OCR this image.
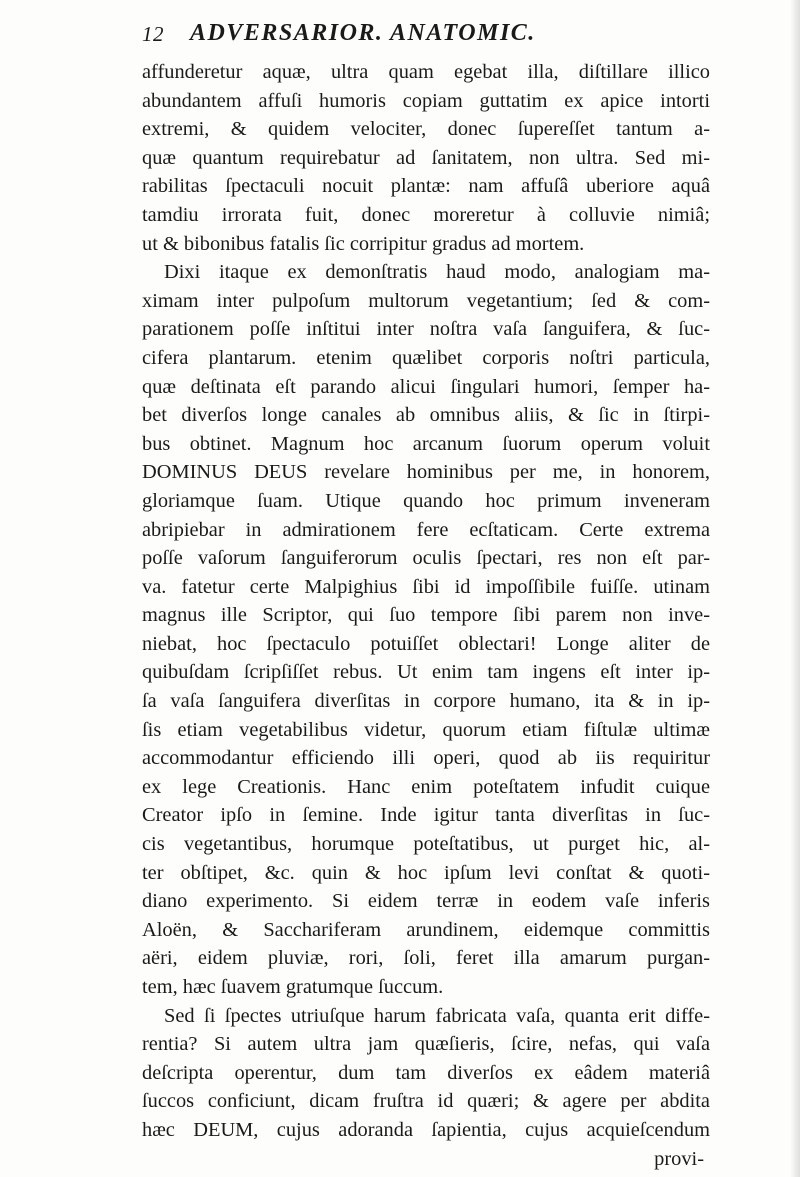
12 ADVERSARIOR. ANATOMIC.
affunderetur aquæ, ultra quam egebat illa, diſtillare illico
abundantem affuſi humoris copiam guttatim ex apice intorti
extremi, & quidem velociter, donec ſupereſſet tantum a-
quæ quantum requirebatur ad ſanitatem, non ultra. Sed mi-
rabilitas ſpectaculi nocuit plantæ: nam affuſâ uberiore aquâ
tamdiu irrorata fuit, donec moreretur à colluvie nimiâ;
ut & bibonibus fatalis ſic corripitur gradus ad mortem.
Dixi itaque ex demonſtratis haud modo, analogiam ma-
ximam inter pulpoſum multorum vegetantium; ſed & com-
parationem poſſe inſtitui inter noſtra vaſa ſanguifera, & ſuc-
cifera plantarum. etenim quælibet corporis noſtri particula,
quæ deſtinata eſt parando alicui ſingulari humori, ſemper ha-
bet diverſos longe canales ab omnibus aliis, & ſic in ſtirpi-
bus obtinet. Magnum hoc arcanum ſuorum operum voluit
DOMINUS DEUS revelare hominibus per me, in honorem,
gloriamque ſuam. Utique quando hoc primum inveneram
abripiebar in admirationem fere ecſtaticam. Certe extrema
poſſe vaſorum ſanguiferorum oculis ſpectari, res non eſt par-
va. fatetur certe Malpighius ſibi id impoſſibile fuiſſe. utinam
magnus ille Scriptor, qui ſuo tempore ſibi parem non inve-
niebat, hoc ſpectaculo potuiſſet oblectari! Longe aliter de
quibuſdam ſcripſiſſet rebus. Ut enim tam ingens eſt inter ip-
ſa vaſa ſanguifera diverſitas in corpore humano, ita & in ip-
ſis etiam vegetabilibus videtur, quorum etiam fiſtulæ ultimæ
accommodantur efficiendo illi operi, quod ab iis requiritur
ex lege Creationis. Hanc enim poteſtatem infudit cuique
Creator ipſo in ſemine. Inde igitur tanta diverſitas in ſuc-
cis vegetantibus, horumque poteſtatibus, ut purget hic, al-
ter obſtipet, &c. quin & hoc ipſum levi conſtat & quoti-
diano experimento. Si eidem terræ in eodem vaſe inferis
Aloën, & Sacchariferam arundinem, eidemque committis
aëri, eidem pluviæ, rori, ſoli, feret illa amarum purgan-
tem, hæc ſuavem gratumque ſuccum.
Sed ſi ſpectes utriuſque harum fabricata vaſa, quanta erit diffe-
rentia? Si autem ultra jam quæſieris, ſcire, nefas, qui vaſa
deſcripta operentur, dum tam diverſos ex eâdem materiâ
ſuccos conficiunt, dicam fruſtra id quæri; & agere per abdita
hæc DEUM, cujus adoranda ſapientia, cujus acquieſcendum
provi-
